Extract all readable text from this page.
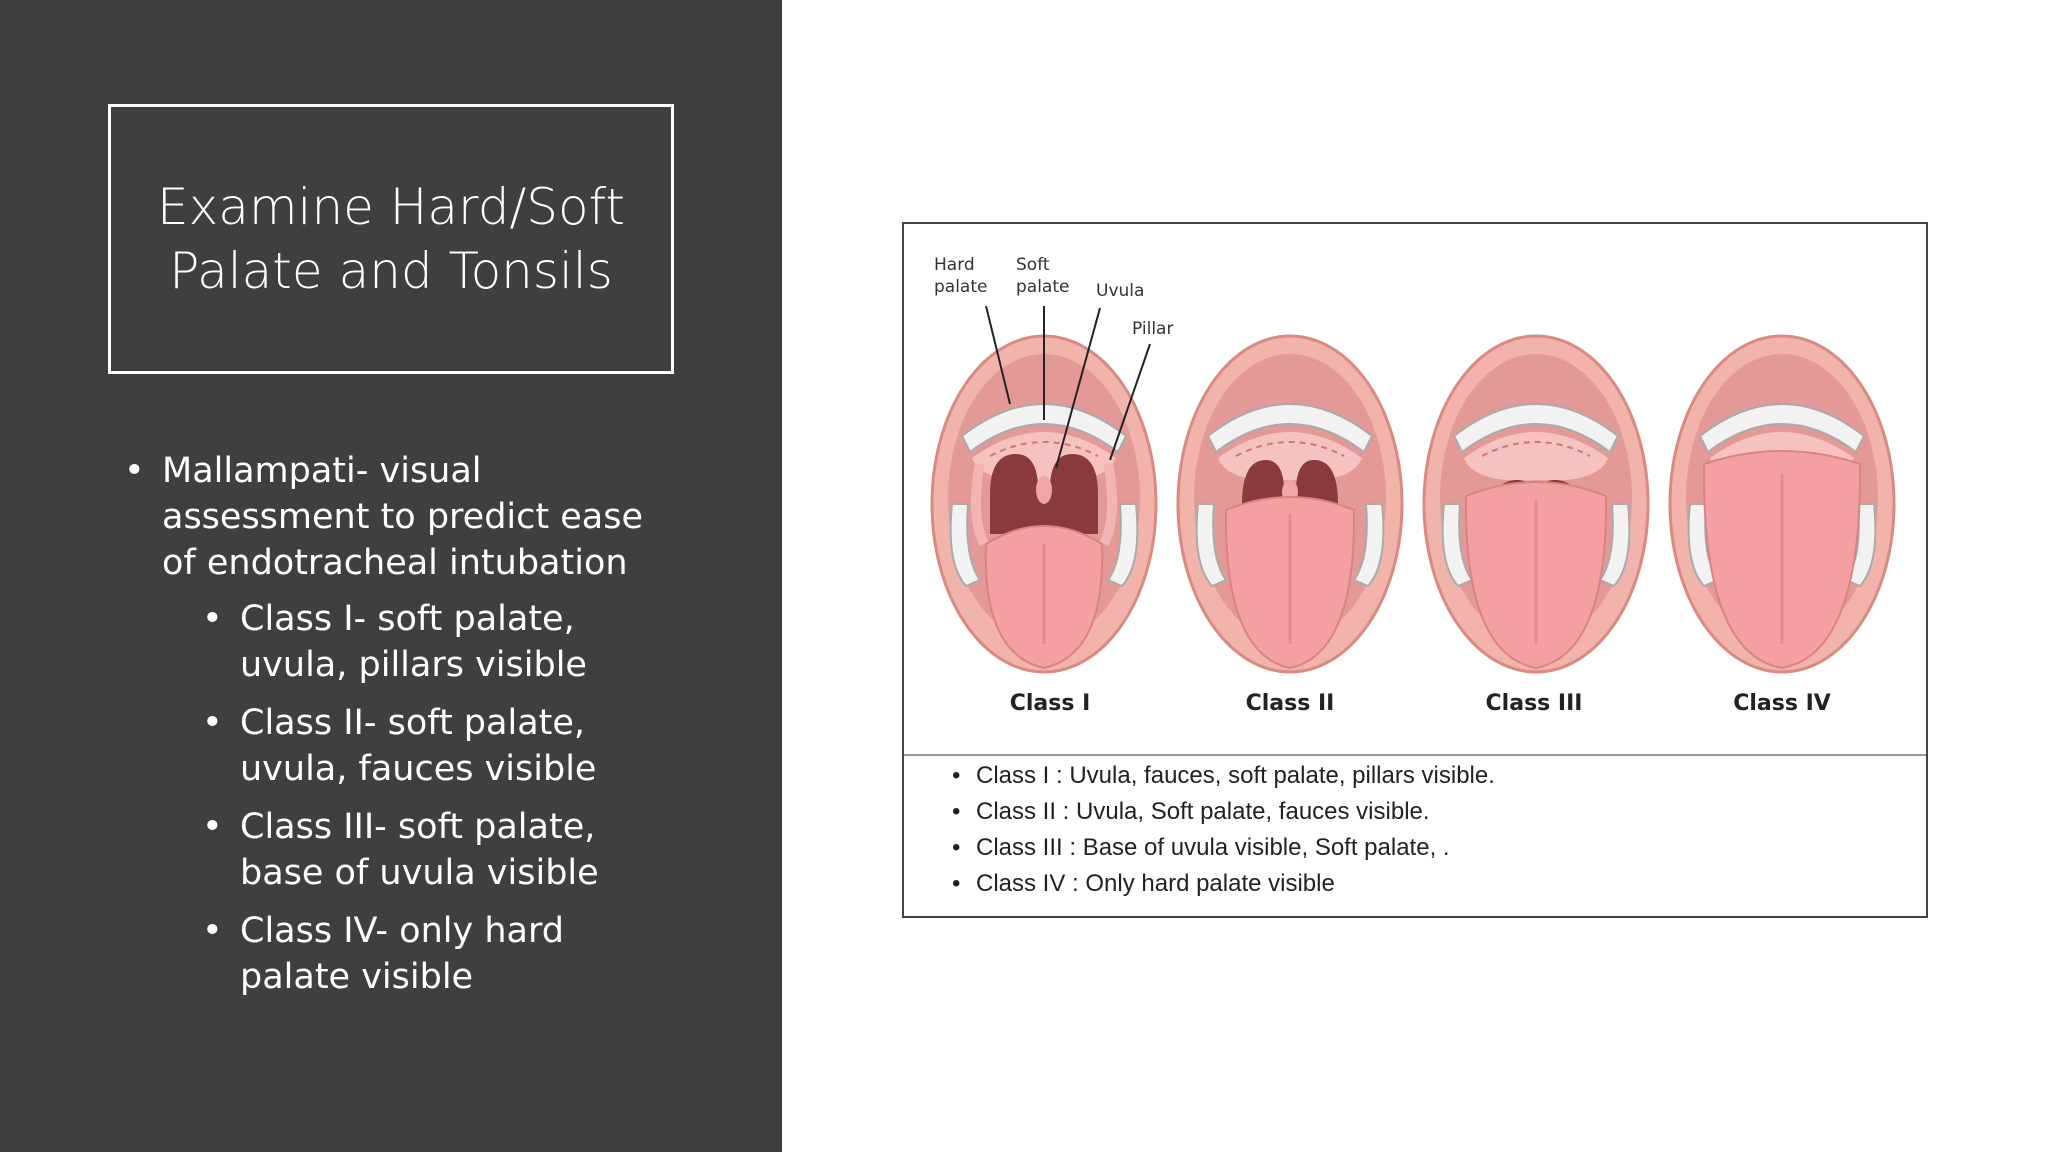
Examine Hard/Soft
Palate and Tonsils
• Mallampati- visual assessment to predict ease of endotracheal intubation
• Class I- soft palate, uvula, pillars visible
• Class II- soft palate, uvula, fauces visible
• Class III- soft palate, base of uvula visible
• Class IV- only hard palate visible
Hard
palate
Soft
palate Uvula
Pillar
Class I	Class II	Class III	Class IV
• Class I : Uvula, fauces, soft palate, pillars visible.
• Class II : Uvula, Soft palate, fauces visible.
• Class III : Base of uvula visible, Soft palate, .
• Class IV : Only hard palate visible
